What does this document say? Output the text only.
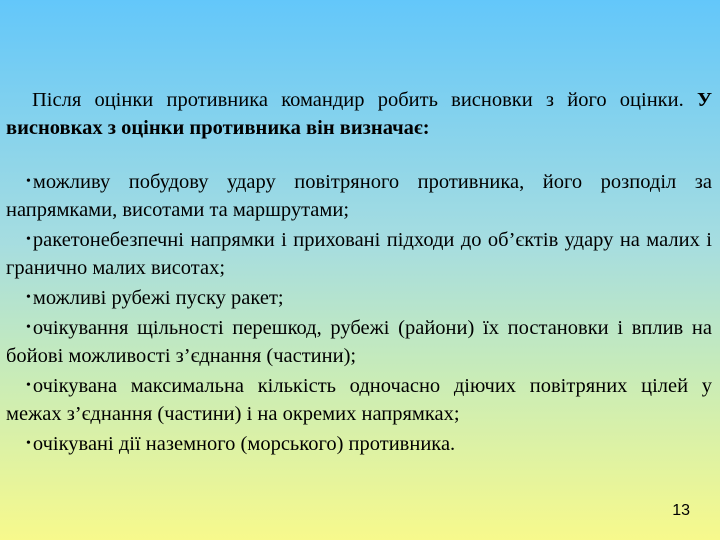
Після оцінки противника командир робить висновки з його оцінки. У висновках з оцінки противника він визначає:

•можливу побудову удару повітряного противника, його розподіл за напрямками, висотами та маршрутами;

•ракетонебезпечні напрямки і приховані підходи до об’єктів удару на малих і гранично малих висотах;

•можливі рубежі пуску ракет;

•очікування щільності перешкод, рубежі (райони) їх постановки і вплив на бойові можливості з’єднання (частини);

•очікувана максимальна кількість одночасно діючих повітряних цілей у межах з’єднання (частини) і на окремих напрямках;

•очікувані дії наземного (морського) противника.

13
